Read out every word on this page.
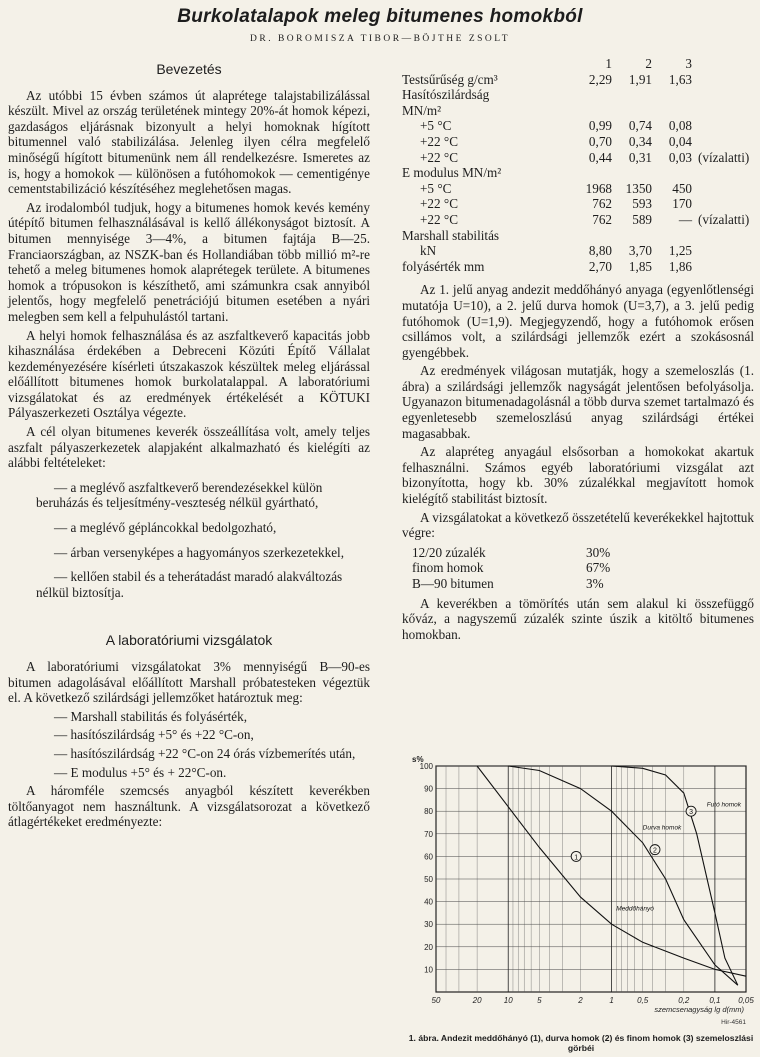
Burkolatalapok meleg bitumenes homokból
DR. BOROMISZA TIBOR—BÖJTHE ZSOLT
Bevezetés

Az utóbbi 15 évben számos út alaprétege talajstabilizálással készült. Mivel az ország területének mintegy 20%-át homok képezi, gazdaságos eljárásnak bizonyult a helyi homoknak hígított bitumennel való stabilizálása. Jelenleg ilyen célra megfelelő minőségű hígított bitumenünk nem áll rendelkezésre. Ismeretes az is, hogy a homokok — különösen a futóhomokok — cementigénye cementstabilizáció készítéséhez meglehetősen magas.

Az irodalomból tudjuk, hogy a bitumenes homok kevés kemény útépítő bitumen felhasználásával is kellő állékonyságot biztosít. A bitumen mennyisége 3—4%, a bitumen fajtája B—25. Franciaországban, az NSZK-ban és Hollandiában több millió m²-re tehető a meleg bitumenes homok alaprétegek területe. A bitumenes homok a trópusokon is készíthető, ami számunkra csak annyiból jelentős, hogy megfelelő penetrációjú bitumen esetében a nyári melegben sem kell a felpuhulástól tartani.

A helyi homok felhasználása és az aszfaltkeverő kapacitás jobb kihasználása érdekében a Debreceni Közúti Építő Vállalat kezdeményezésére kísérleti útszakaszok készültek meleg eljárással előállított bitumenes homok burkolatalappal. A laboratóriumi vizsgálatokat és az eredmények értékelését a KÖTUKI Pályaszerkezeti Osztálya végezte.

A cél olyan bitumenes keverék összeállítása volt, amely teljes aszfalt pályaszerkezetek alapjaként alkalmazható és kielégíti az alábbi feltételeket:

— a meglévő aszfaltkeverő berendezésekkel külön beruházás és teljesítmény-veszteség nélkül gyártható,

— a meglévő gépláncokkal bedolgozható,

— árban versenyképes a hagyományos szerkezetekkel,

— kellően stabil és a teherátadást maradó alakváltozás nélkül biztosítja.

A laboratóriumi vizsgálatok

A laboratóriumi vizsgálatokat 3% mennyiségű B—90-es bitumen adagolásával előállított Marshall próbatesteken végeztük el. A következő szilárdsági jellemzőket határoztuk meg:

— Marshall stabilitás és folyásérték,

— hasítószilárdság +5° és +22 °C-on,

— hasítószilárdság +22 °C-on 24 órás vízbemerítés után,

— E modulus +5° és + 22°C-on.

A háromféle szemcsés anyagból készített keverékben töltőanyagot nem használtunk. A vizsgálatsorozat a következő átlagértékeket eredményezte:

	1	2	3	
Testsűrűség g/cm³	2,29	1,91	1,63	
Hasítószilárdság				
MN/m²				
+5 °C	0,99	0,74	0,08	
+22 °C	0,70	0,34	0,04	
+22 °C	0,44	0,31	0,03	(vízalatti)
E modulus MN/m²				
+5 °C	1968	1350	450	
+22 °C	762	593	170	
+22 °C	762	589	—	(vízalatti)
Marshall stabilitás				
kN	8,80	3,70	1,25	
folyásérték mm	2,70	1,85	1,86	

Az 1. jelű anyag andezit meddőhányó anyaga (egyenlőtlenségi mutatója U=10), a 2. jelű durva homok (U=3,7), a 3. jelű pedig futóhomok (U=1,9). Megjegyzendő, hogy a futóhomok erősen csillámos volt, a szilárdsági jellemzők ezért a szokásosnál gyengébbek.

Az eredmények világosan mutatják, hogy a szemeloszlás (1. ábra) a szilárdsági jellemzők nagyságát jelentősen befolyásolja. Ugyanazon bitumenadagolásnál a több durva szemet tartalmazó és egyenletesebb szemeloszlású anyag szilárdsági értékei magasabbak.

Az alapréteg anyagául elsősorban a homokokat akartuk felhasználni. Számos egyéb laboratóriumi vizsgálat azt bizonyította, hogy kb. 30% zúzalékkal megjavított homok kielégítő stabilitást biztosít.

A vizsgálatokat a következő összetételű keverékekkel hajtottuk végre:

12/20 zúzalék	30%
finom homok	67%
B—90 bitumen	3%

A keverékben a tömörítés után sem alakul ki összefüggő kőváz, a nagyszemű zúzalék szinte úszik a kitöltő bitumenes homokban.

10
20
30
40
50
60
70
80
90
100
50	20	10	5	2	1	0,5	0,2 0,1 0,05
s%
szemcsenagyság lg d(mm)
Hir-4561
1
Meddőhányó
2
Durva homok
3
Futó homok
1. ábra. Andezit meddőhányó (1), durva homok (2) és finom homok (3) szemeloszlási görbéi
